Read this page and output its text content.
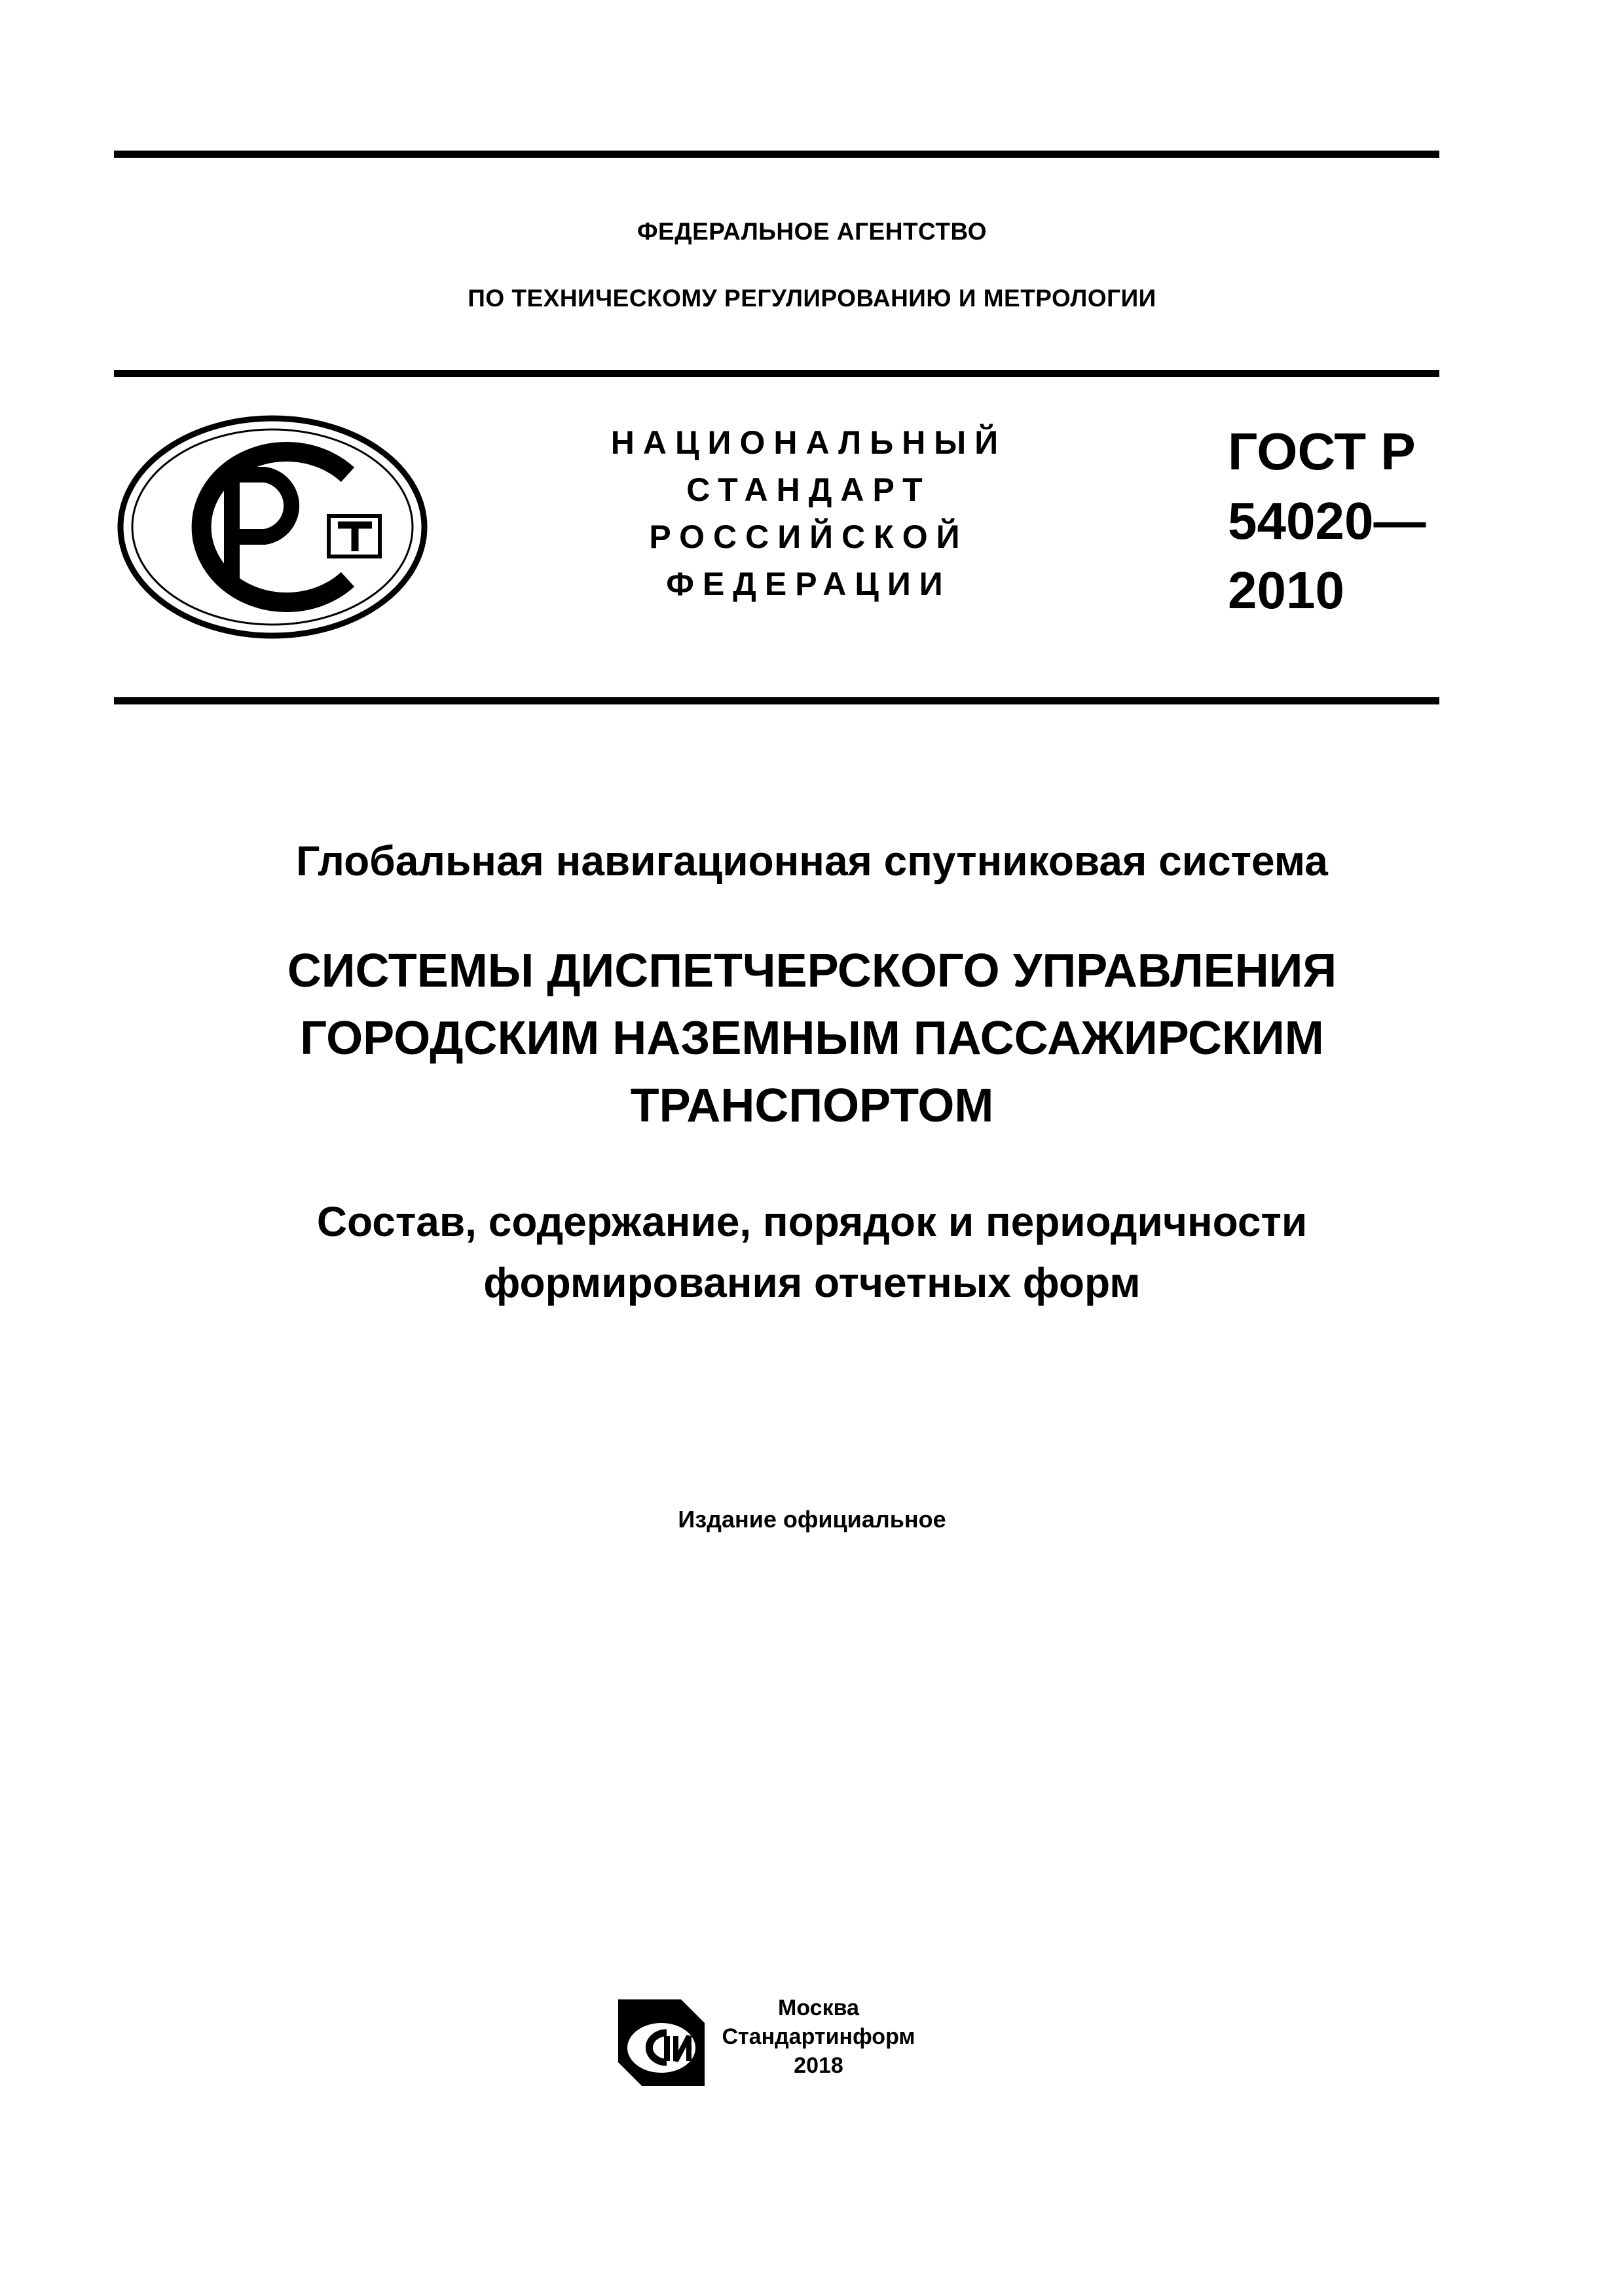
ФЕДЕРАЛЬНОЕ АГЕНТСТВО
ПО ТЕХНИЧЕСКОМУ РЕГУЛИРОВАНИЮ И МЕТРОЛОГИИ
НАЦИОНАЛЬНЫЙ
СТАНДАРТ
РОССИЙСКОЙ
ФЕДЕРАЦИИ
ГОСТ Р
54020—
2010
Глобальная навигационная спутниковая система
СИСТЕМЫ ДИСПЕТЧЕРСКОГО УПРАВЛЕНИЯ
ГОРОДСКИМ НАЗЕМНЫМ ПАССАЖИРСКИМ
ТРАНСПОРТОМ
Состав, содержание, порядок и периодичности
формирования отчетных форм
Издание официальное
Москва
Стандартинформ
2018
